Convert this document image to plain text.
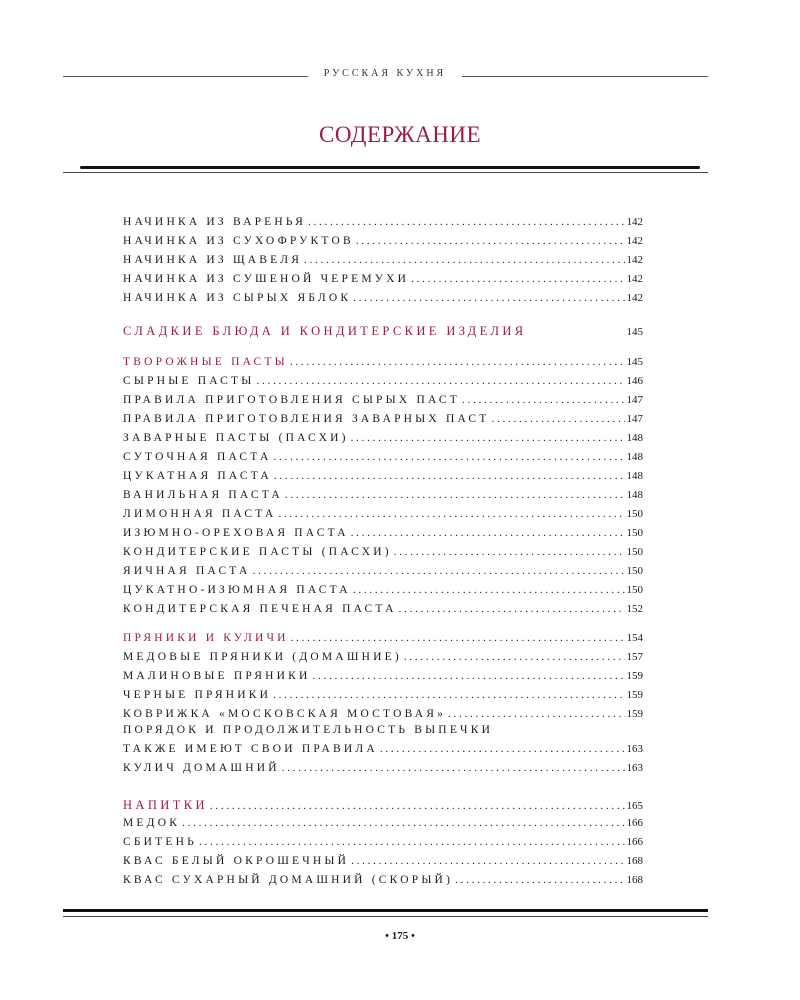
РУССКАЯ КУХНЯ
СОДЕРЖАНИЕ
НАЧИНКА ИЗ ВАРЕНЬЯ . . .	142
НАЧИНКА ИЗ СУХОФРУКТОВ . . .	142
НАЧИНКА ИЗ ЩАВЕЛЯ . . .	142
НАЧИНКА ИЗ СУШЕНОЙ ЧЕРЕМУХИ . . .	142
НАЧИНКА ИЗ СЫРЫХ ЯБЛОК . . .	142
СЛАДКИЕ БЛЮДА И КОНДИТЕРСКИЕ ИЗДЕЛИЯ	145
ТВОРОЖНЫЕ ПАСТЫ . . .	145
СЫРНЫЕ ПАСТЫ . . .	146
ПРАВИЛА ПРИГОТОВЛЕНИЯ СЫРЫХ ПАСТ . . .	147
ПРАВИЛА ПРИГОТОВЛЕНИЯ ЗАВАРНЫХ ПАСТ . . .	147
ЗАВАРНЫЕ ПАСТЫ (ПАСХИ) . . .	148
СУТОЧНАЯ ПАСТА . . .	148
ЦУКАТНАЯ ПАСТА . . .	148
ВАНИЛЬНАЯ ПАСТА . . .	148
ЛИМОННАЯ ПАСТА . . .	150
ИЗЮМНО-ОРЕХОВАЯ ПАСТА . . .	150
КОНДИТЕРСКИЕ ПАСТЫ (ПАСХИ) . . .	150
ЯИЧНАЯ ПАСТА . . .	150
ЦУКАТНО-ИЗЮМНАЯ ПАСТА . . .	150
КОНДИТЕРСКАЯ ПЕЧЕНАЯ ПАСТА . . .	152
ПРЯНИКИ И КУЛИЧИ . . .	154
МЕДОВЫЕ ПРЯНИКИ (ДОМАШНИЕ) . . .	157
МАЛИНОВЫЕ ПРЯНИКИ . . .	159
ЧЕРНЫЕ ПРЯНИКИ . . .	159
КОВРИЖКА «МОСКОВСКАЯ МОСТОВАЯ» . . .	159
ПОРЯДОК И ПРОДОЛЖИТЕЛЬНОСТЬ ВЫПЕЧКИ
ТАКЖЕ ИМЕЮТ СВОИ ПРАВИЛА . . .	163
КУЛИЧ ДОМАШНИЙ . . .	163
НАПИТКИ . . .	165
МЕДОК . . .	166
СБИТЕНЬ . . .	166
КВАС БЕЛЫЙ ОКРОШЕЧНЫЙ . . .	168
КВАС СУХАРНЫЙ ДОМАШНИЙ (СКОРЫЙ) . . .	168
• 175 •
